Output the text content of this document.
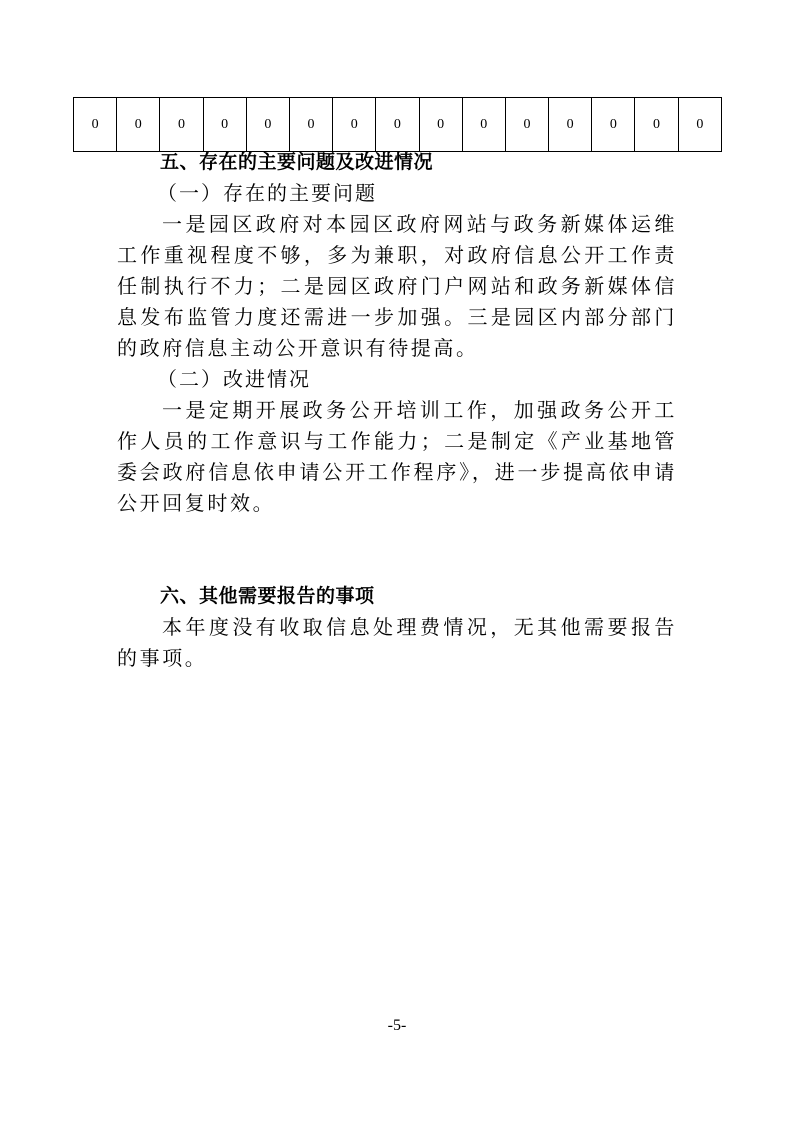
0	0	0	0	0	0	0	0	0	0	0	0	0	0	0
五、存在的主要问题及改进情况
（一）存在的主要问题
一是园区政府对本园区政府网站与政务新媒体运维工作重视程度不够，多为兼职，对政府信息公开工作责任制执行不力；二是园区政府门户网站和政务新媒体信息发布监管力度还需进一步加强。三是园区内部分部门的政府信息主动公开意识有待提高。
（二）改进情况
一是定期开展政务公开培训工作，加强政务公开工作人员的工作意识与工作能力；二是制定《产业基地管委会政府信息依申请公开工作程序》，进一步提高依申请公开回复时效。
六、其他需要报告的事项
本年度没有收取信息处理费情况，无其他需要报告的事项。
-5-
